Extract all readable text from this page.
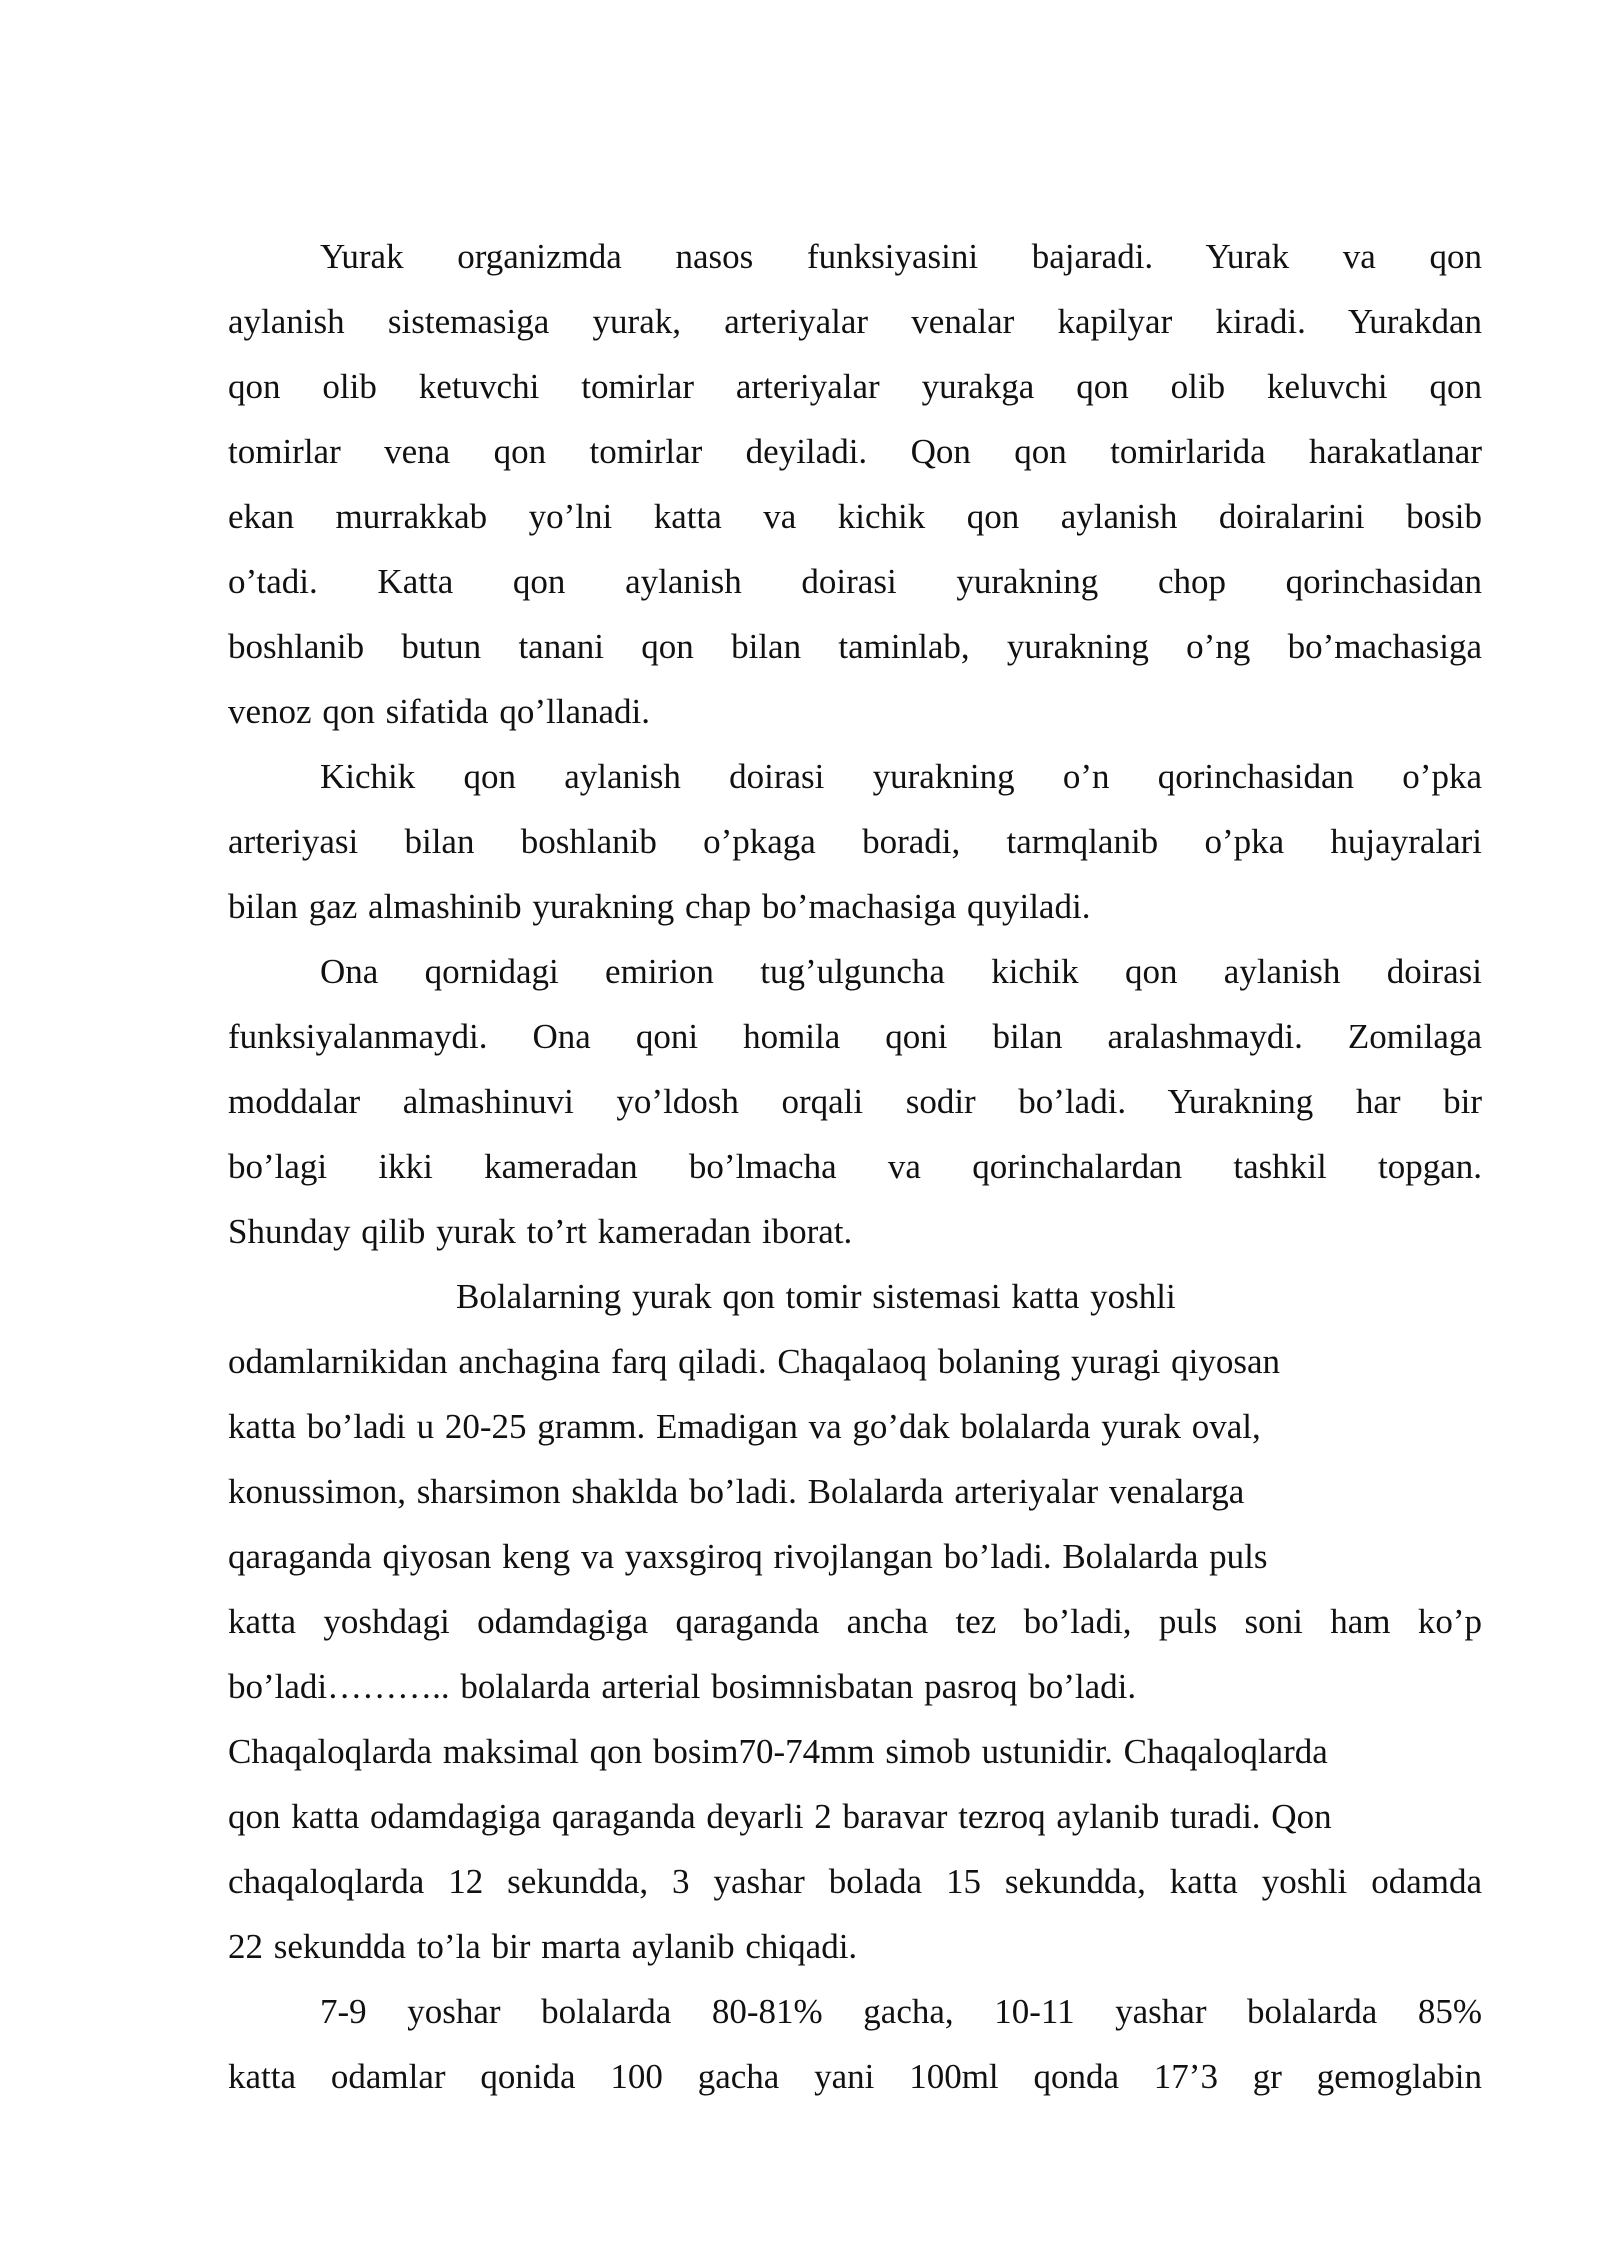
Yurak organizmda nasos funksiyasini bajaradi. Yurak va qon
aylanish sistemasiga yurak, arteriyalar venalar kapilyar kiradi. Yurakdan
qon olib ketuvchi tomirlar arteriyalar yurakga qon olib keluvchi qon
tomirlar vena qon tomirlar deyiladi. Qon qon tomirlarida harakatlanar
ekan murrakkab yo’lni katta va kichik qon aylanish doiralarini bosib
o’tadi. Katta qon aylanish doirasi yurakning chop qorinchasidan
boshlanib butun tanani qon bilan taminlab, yurakning o’ng bo’machasiga
venoz qon sifatida qo’llanadi.
Kichik qon aylanish doirasi yurakning o’n qorinchasidan o’pka
arteriyasi bilan boshlanib o’pkaga boradi, tarmqlanib o’pka hujayralari
bilan gaz almashinib yurakning chap bo’machasiga quyiladi.
Ona qornidagi emirion tug’ulguncha kichik qon aylanish doirasi
funksiyalanmaydi. Ona qoni homila qoni bilan aralashmaydi. Zomilaga
moddalar almashinuvi yo’ldosh orqali sodir bo’ladi. Yurakning har bir
bo’lagi ikki kameradan bo’lmacha va qorinchalardan tashkil topgan.
Shunday qilib yurak to’rt kameradan iborat.
Bolalarning yurak qon tomir sistemasi katta yoshli
odamlarnikidan anchagina farq qiladi. Chaqalaoq bolaning yuragi qiyosan
katta bo’ladi u 20-25 gramm. Emadigan va go’dak bolalarda yurak oval,
konussimon, sharsimon shaklda bo’ladi. Bolalarda arteriyalar venalarga
qaraganda qiyosan keng va yaxsgiroq rivojlangan bo’ladi. Bolalarda puls
katta yoshdagi odamdagiga qaraganda ancha tez bo’ladi, puls soni ham ko’p
bo’ladi……….. bolalarda arterial bosimnisbatan pasroq bo’ladi.
Chaqaloqlarda maksimal qon bosim70-74mm simob ustunidir. Chaqaloqlarda
qon katta odamdagiga qaraganda deyarli 2 baravar tezroq aylanib turadi. Qon
chaqaloqlarda 12 sekundda, 3 yashar bolada 15 sekundda, katta yoshli odamda
22 sekundda to’la bir marta aylanib chiqadi.
7-9 yoshar bolalarda 80-81% gacha, 10-11 yashar bolalarda 85%
katta odamlar qonida 100 gacha yani 100ml qonda 17’3 gr gemoglabin
